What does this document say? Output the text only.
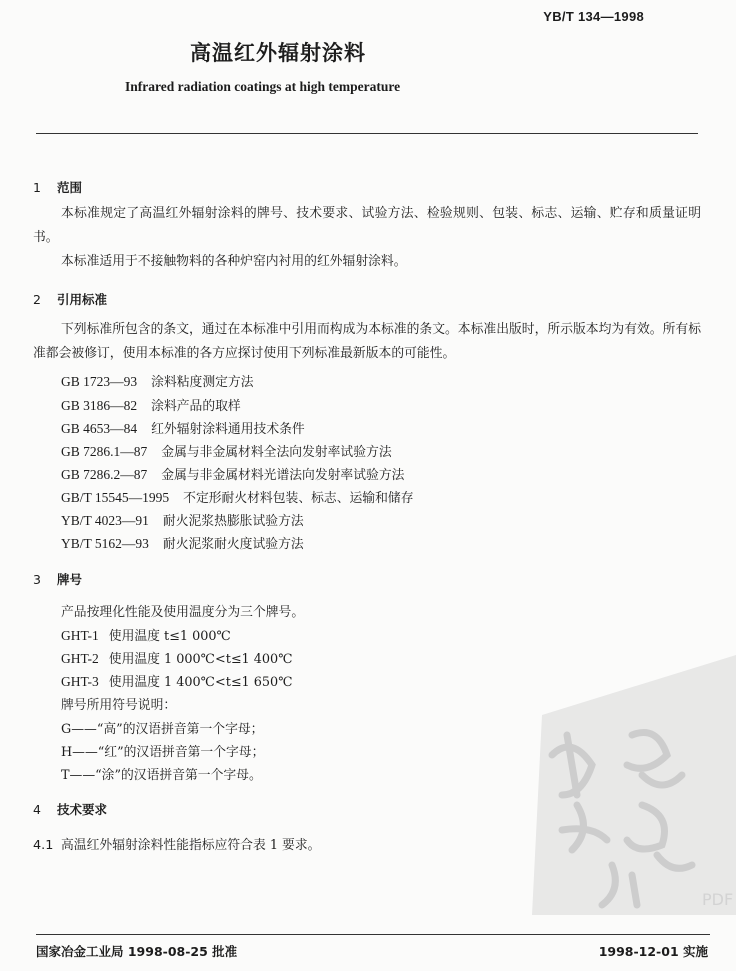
YB/T 134—1998
高温红外辐射涂料
Infrared radiation coatings at high temperature
1 范围
本标准规定了高温红外辐射涂料的牌号、技术要求、试验方法、检验规则、包装、标志、运输、贮存和质量证明书。
本标准适用于不接触物料的各种炉窑内衬用的红外辐射涂料。
2 引用标准
下列标准所包含的条文，通过在本标准中引用而构成为本标准的条文。本标准出版时，所示版本均为有效。所有标准都会被修订，使用本标准的各方应探讨使用下列标准最新版本的可能性。
GB 1723—93 涂料粘度测定方法
GB 3186—82 涂料产品的取样
GB 4653—84 红外辐射涂料通用技术条件
GB 7286.1—87 金属与非金属材料全法向发射率试验方法
GB 7286.2—87 金属与非金属材料光谱法向发射率试验方法
GB/T 15545—1995 不定形耐火材料包装、标志、运输和储存
YB/T 4023—91 耐火泥浆热膨胀试验方法
YB/T 5162—93 耐火泥浆耐火度试验方法
3 牌号
产品按理化性能及使用温度分为三个牌号。
GHT-1 使用温度 t≤1 000℃
GHT-2 使用温度 1 000℃<t≤1 400℃
GHT-3 使用温度 1 400℃<t≤1 650℃
牌号所用符号说明：
G——“高”的汉语拼音第一个字母；
H——“红”的汉语拼音第一个字母；
T——“涂”的汉语拼音第一个字母。
4 技术要求
4.1 高温红外辐射涂料性能指标应符合表 1 要求。
PDF
国家冶金工业局 1998-08-25 批准	1998-12-01 实施
